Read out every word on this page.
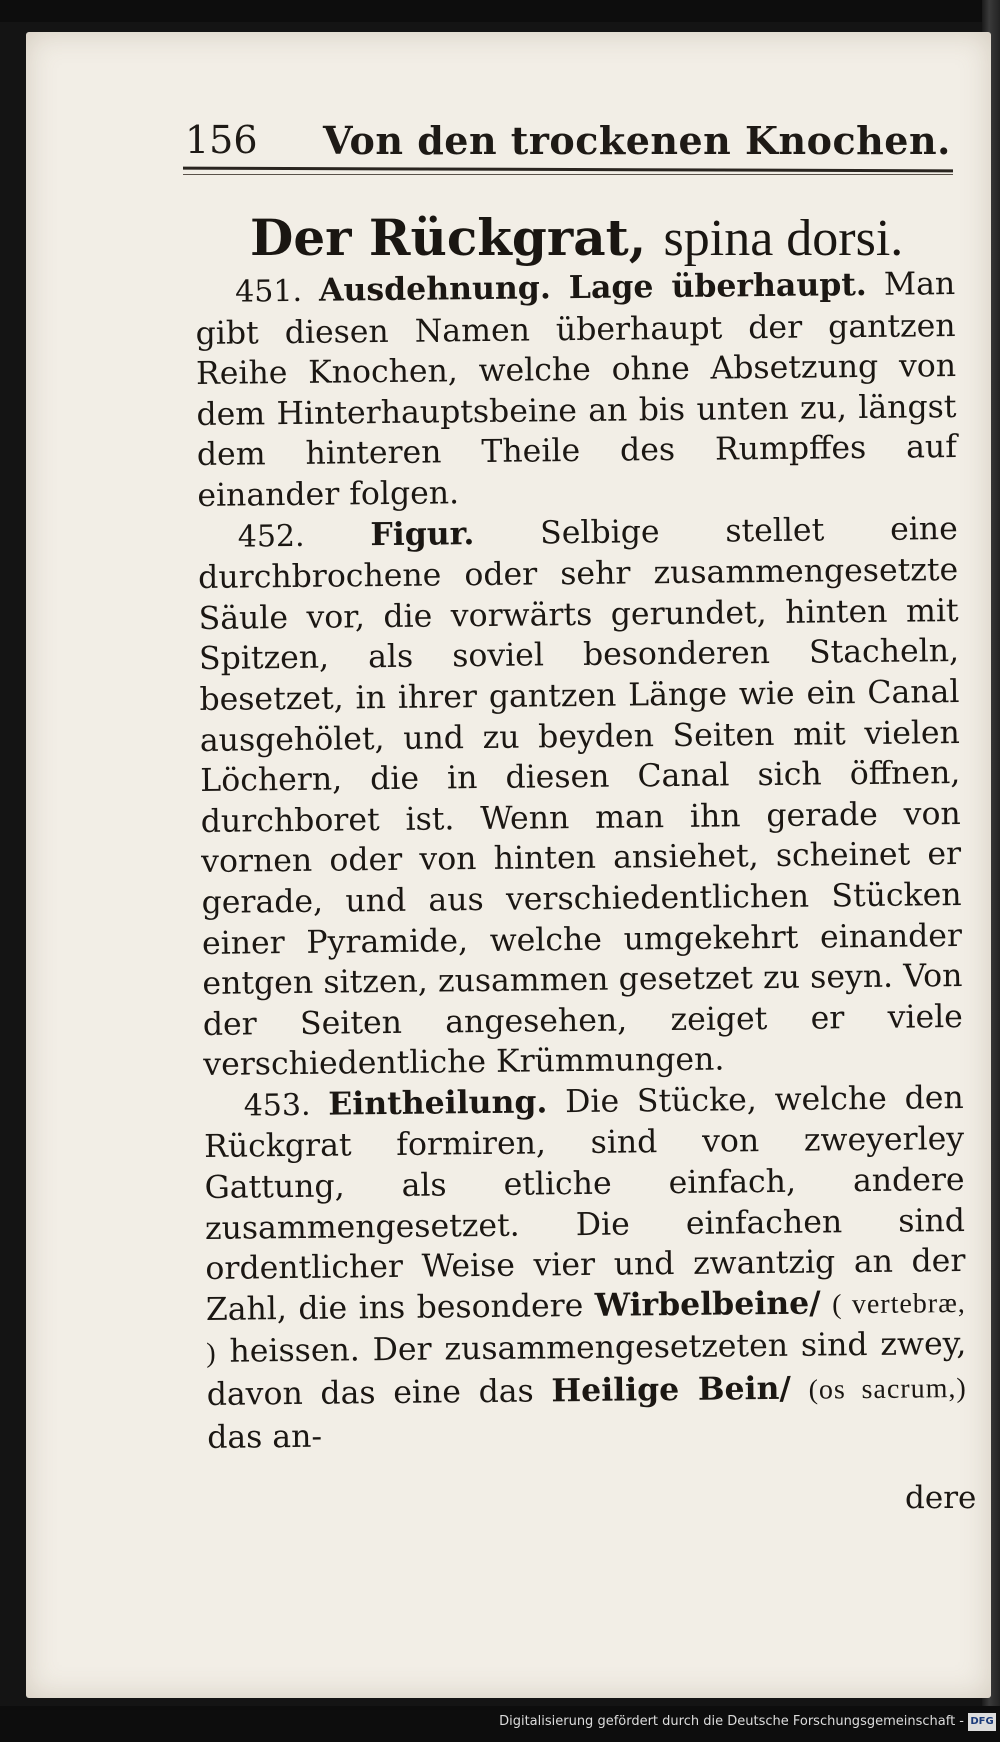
156 Von den trockenen Knochen.
Der Rückgrat, spina dorsi.

451. Ausdehnung. Lage überhaupt. Man gibt diesen Namen überhaupt der gantzen Reihe Knochen, welche ohne Absetzung von dem Hinterhauptsbeine an bis unten zu, längst dem hinteren Theile des Rumpffes auf einander folgen.

452. Figur. Selbige stellet eine durchbrochene oder sehr zusammengesetzte Säule vor, die vorwärts gerundet, hinten mit Spitzen, als soviel besonderen Stacheln, besetzet, in ihrer gantzen Länge wie ein Canal ausgehölet, und zu beyden Seiten mit vielen Löchern, die in diesen Canal sich öffnen, durchboret ist. Wenn man ihn gerade von vornen oder von hinten ansiehet, scheinet er gerade, und aus verschiedentlichen Stücken einer Pyramide, welche umgekehrt einander entgen sitzen, zusammen gesetzet zu seyn. Von der Seiten angesehen, zeiget er viele verschiedentliche Krümmungen.

453. Eintheilung. Die Stücke, welche den Rückgrat formiren, sind von zweyerley Gattung, als etliche einfach, andere zusammengesetzet. Die einfachen sind ordentlicher Weise vier und zwantzig an der Zahl, die ins besondere Wirbelbeine/ ( vertebræ, ) heissen. Der zusammengesetzeten sind zwey, davon das eine das Heilige Bein/ (os sacrum,) das an-

dere
Digitalisierung gefördert durch die Deutsche Forschungsgemeinschaft - DFG
